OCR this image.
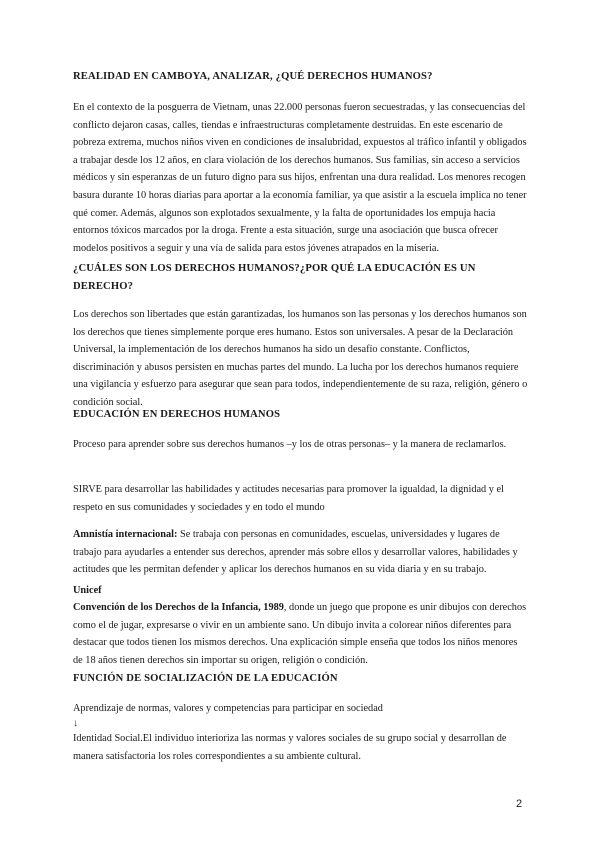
REALIDAD EN CAMBOYA, ANALIZAR, ¿QUÉ DERECHOS HUMANOS?
En el contexto de la posguerra de Vietnam, unas 22.000 personas fueron secuestradas, y las consecuencias del conflicto dejaron casas, calles, tiendas e infraestructuras completamente destruidas. En este escenario de pobreza extrema, muchos niños viven en condiciones de insalubridad, expuestos al tráfico infantil y obligados a trabajar desde los 12 años, en clara violación de los derechos humanos. Sus familias, sin acceso a servicios médicos y sin esperanzas de un futuro digno para sus hijos, enfrentan una dura realidad. Los menores recogen basura durante 10 horas diarias para aportar a la economía familiar, ya que asistir a la escuela implica no tener qué comer. Además, algunos son explotados sexualmente, y la falta de oportunidades los empuja hacia entornos tóxicos marcados por la droga. Frente a esta situación, surge una asociación que busca ofrecer modelos positivos a seguir y una vía de salida para estos jóvenes atrapados en la miseria.
¿CUÁLES SON LOS DERECHOS HUMANOS?¿POR QUÉ LA EDUCACIÓN ES UN DERECHO?
Los derechos son libertades que están garantizadas, los humanos son las personas y los derechos humanos son los derechos que tienes simplemente porque eres humano. Estos son universales. A pesar de la Declaración Universal, la implementación de los derechos humanos ha sido un desafío constante. Conflictos, discriminación y abusos persisten en muchas partes del mundo. La lucha por los derechos humanos requiere una vigilancia y esfuerzo para asegurar que sean para todos, independientemente de su raza, religión, género o condición social.
EDUCACIÓN EN DERECHOS HUMANOS
Proceso para aprender sobre sus derechos humanos –y los de otras personas– y la manera de reclamarlos.
SIRVE para desarrollar las habilidades y actitudes necesarias para promover la igualdad, la dignidad y el respeto en sus comunidades y sociedades y en todo el mundo
Amnistía internacional: Se trabaja con personas en comunidades, escuelas, universidades y lugares de trabajo para ayudarles a entender sus derechos, aprender más sobre ellos y desarrollar valores, habilidades y actitudes que les permitan defender y aplicar los derechos humanos en su vida diaria y en su trabajo.
Unicef
Convención de los Derechos de la Infancia, 1989, donde un juego que propone es unir dibujos con derechos como el de jugar, expresarse o vivir en un ambiente sano. Un dibujo invita a colorear niños diferentes para destacar que todos tienen los mismos derechos. Una explicación simple enseña que todos los niños menores de 18 años tienen derechos sin importar su origen, religión o condición.
FUNCIÓN DE SOCIALIZACIÓN DE LA EDUCACIÓN
Aprendizaje de normas, valores y competencias para participar en sociedad
↓
Identidad Social.El individuo interioriza las normas y valores sociales de su grupo social y desarrollan de manera satisfactoria los roles correspondientes a su ambiente cultural.
2
